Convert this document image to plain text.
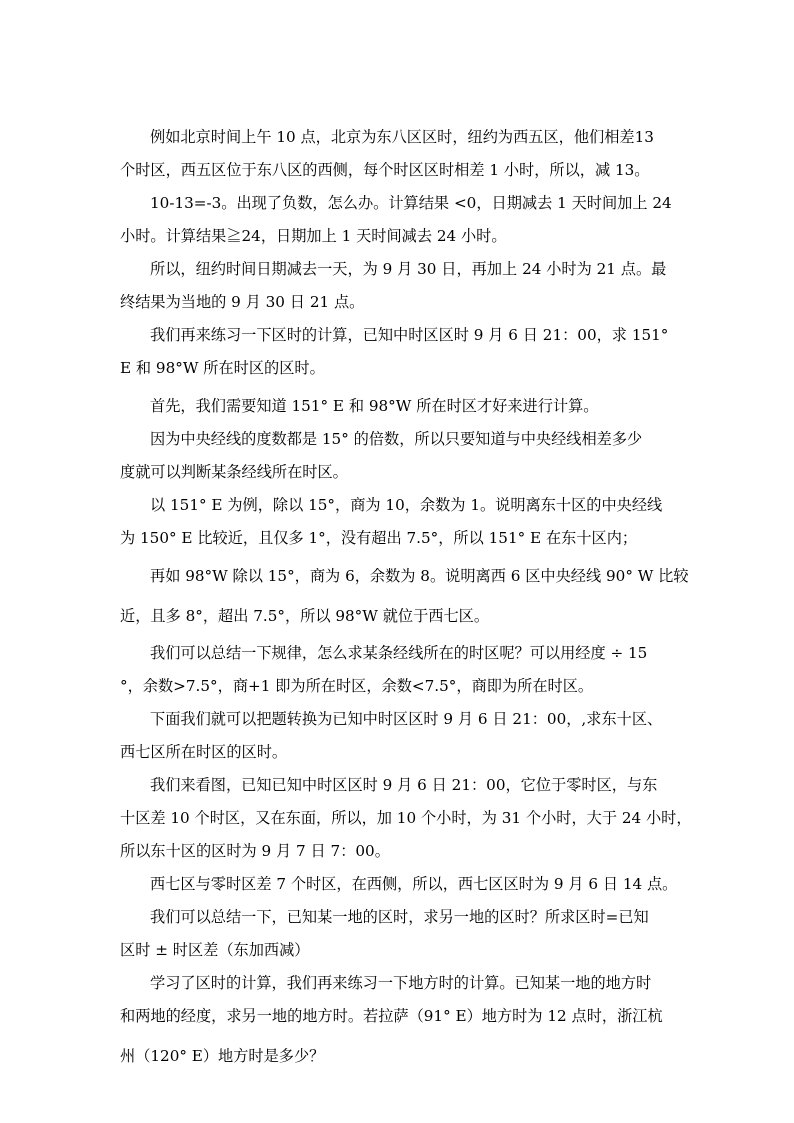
例如北京时间上午 10 点，北京为东八区区时，纽约为西五区，他们相差13
个时区，西五区位于东八区的西侧，每个时区区时相差 1 小时，所以，减 13。
10-13=-3。出现了负数，怎么办。计算结果 <0，日期减去 1 天时间加上 24
小时。计算结果≧24，日期加上 1 天时间减去 24 小时。
所以，纽约时间日期减去一天，为 9 月 30 日，再加上 24 小时为 21 点。最
终结果为当地的 9 月 30 日 21 点。
我们再来练习一下区时的计算，已知中时区区时 9 月 6 日 21：00，求 151°
E 和 98°W 所在时区的区时。
首先，我们需要知道 151° E 和 98°W 所在时区才好来进行计算。
因为中央经线的度数都是 15° 的倍数，所以只要知道与中央经线相差多少
度就可以判断某条经线所在时区。
以 151° E 为例，除以 15°，商为 10，余数为 1。说明离东十区的中央经线
为 150° E 比较近，且仅多 1°，没有超出 7.5°，所以 151° E 在东十区内；
再如 98°W 除以 15°，商为 6，余数为 8。说明离西 6 区中央经线 90° W 比较
近，且多 8°，超出 7.5°，所以 98°W 就位于西七区。
我们可以总结一下规律，怎么求某条经线所在的时区呢？可以用经度 ÷ 15
°，余数>7.5°，商+1 即为所在时区，余数<7.5°，商即为所在时区。
下面我们就可以把题转换为已知中时区区时 9 月 6 日 21：00，,求东十区、
西七区所在时区的区时。
我们来看图，已知已知中时区区时 9 月 6 日 21：00，它位于零时区，与东
十区差 10 个时区，又在东面，所以，加 10 个小时，为 31 个小时，大于 24 小时，
所以东十区的区时为 9 月 7 日 7：00。
西七区与零时区差 7 个时区，在西侧，所以，西七区区时为 9 月 6 日 14 点。
我们可以总结一下，已知某一地的区时，求另一地的区时？所求区时=已知
区时 ± 时区差（东加西减）
学习了区时的计算，我们再来练习一下地方时的计算。已知某一地的地方时
和两地的经度，求另一地的地方时。若拉萨（91° E）地方时为 12 点时，浙江杭
州（120° E）地方时是多少？
